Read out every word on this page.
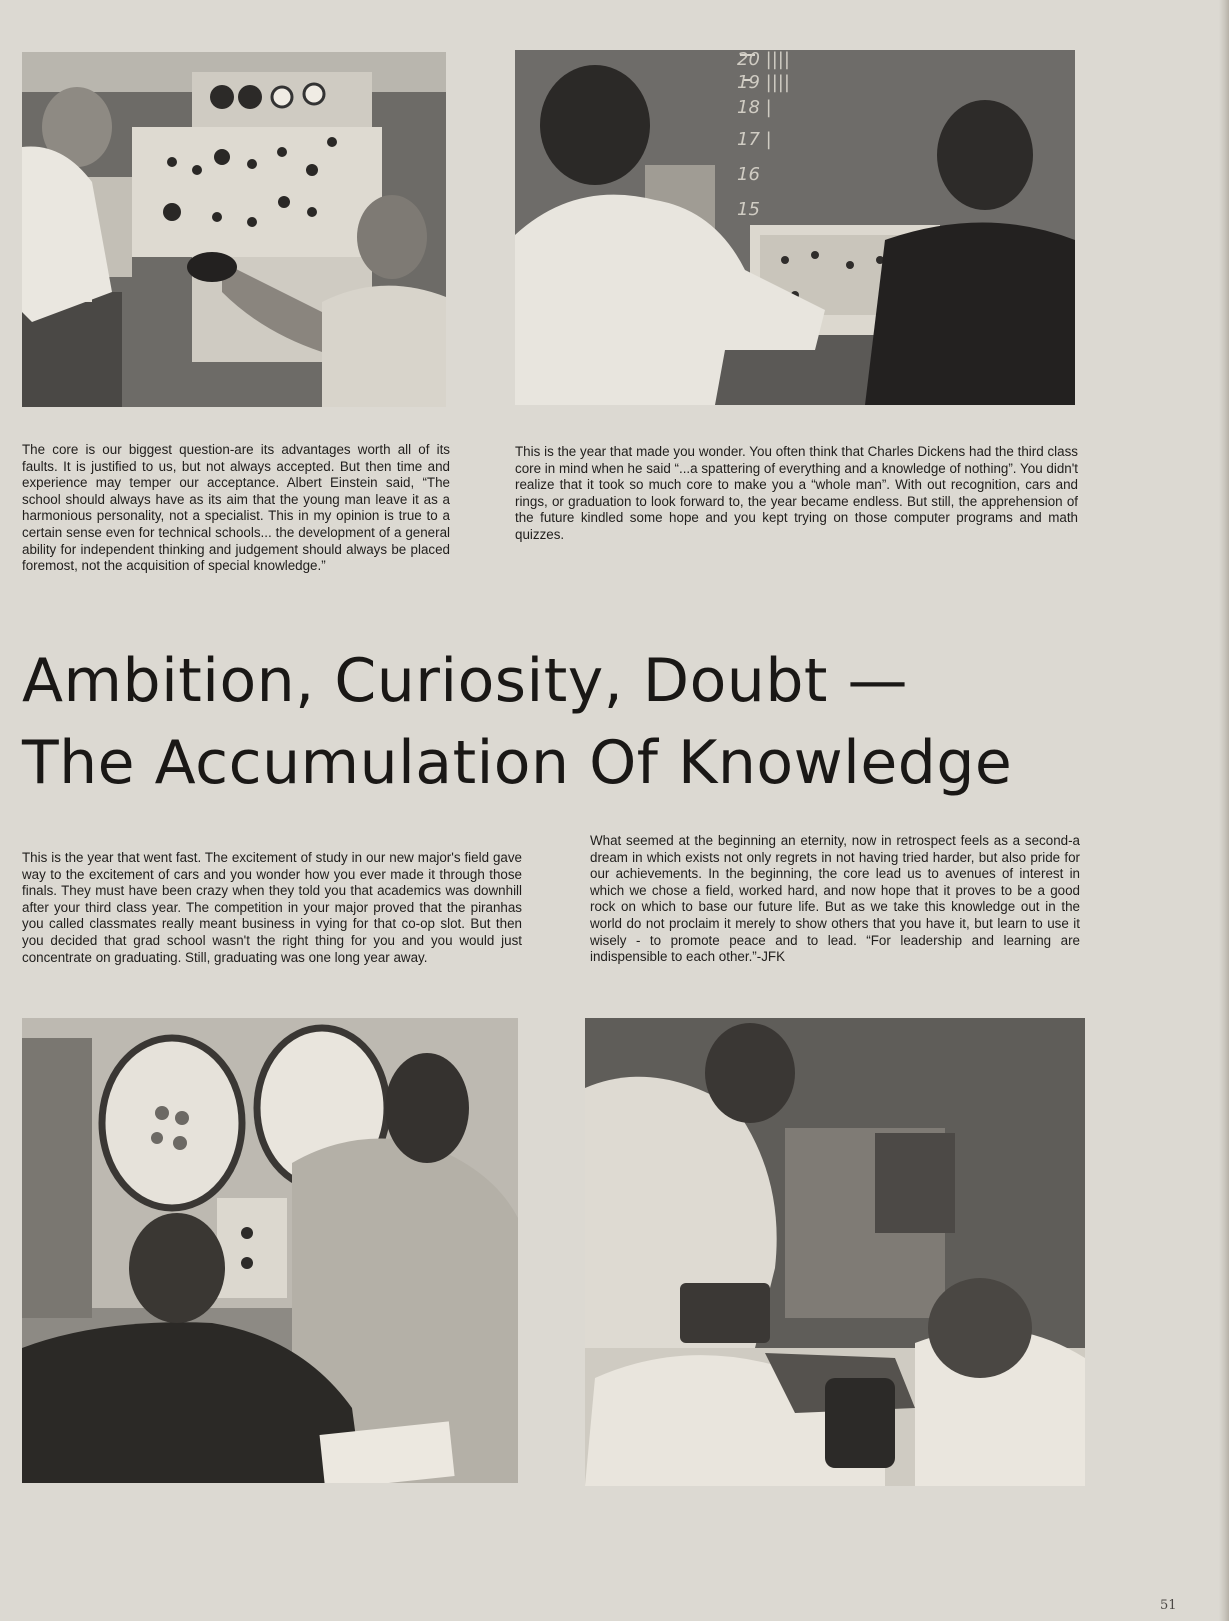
20 ||||
19 ||||
18 |
17 |
16
15

The core is our biggest question-are its advantages worth all of its faults. It is justified to us, but not always accepted. But then time and experience may temper our acceptance. Albert Einstein said, “The school should always have as its aim that the young man leave it as a harmonious personality, not a specialist. This in my opinion is true to a certain sense even for technical schools... the development of a general ability for independent thinking and judgement should always be placed foremost, not the acquisition of special knowledge.”

This is the year that made you wonder. You often think that Charles Dickens had the third class core in mind when he said “...a spattering of everything and a knowledge of nothing”. You didn't realize that it took so much core to make you a “whole man”. With out recognition, cars and rings, or graduation to look forward to, the year became endless. But still, the apprehension of the future kindled some hope and you kept trying on those computer programs and math quizzes.

Ambition, Curiosity, Doubt —
The Accumulation Of Knowledge

This is the year that went fast. The excitement of study in our new major's field gave way to the excitement of cars and you wonder how you ever made it through those finals. They must have been crazy when they told you that academics was downhill after your third class year. The competition in your major proved that the piranhas you called classmates really meant business in vying for that co-op slot. But then you decided that grad school wasn't the right thing for you and you would just concentrate on graduating. Still, graduating was one long year away.

What seemed at the beginning an eternity, now in retrospect feels as a second-a dream in which exists not only regrets in not having tried harder, but also pride for our achievements. In the beginning, the core lead us to avenues of interest in which we chose a field, worked hard, and now hope that it proves to be a good rock on which to base our future life. But as we take this knowledge out in the world do not proclaim it merely to show others that you have it, but learn to use it wisely - to promote peace and to lead. “For leadership and learning are indispensible to each other.”-JFK

51
